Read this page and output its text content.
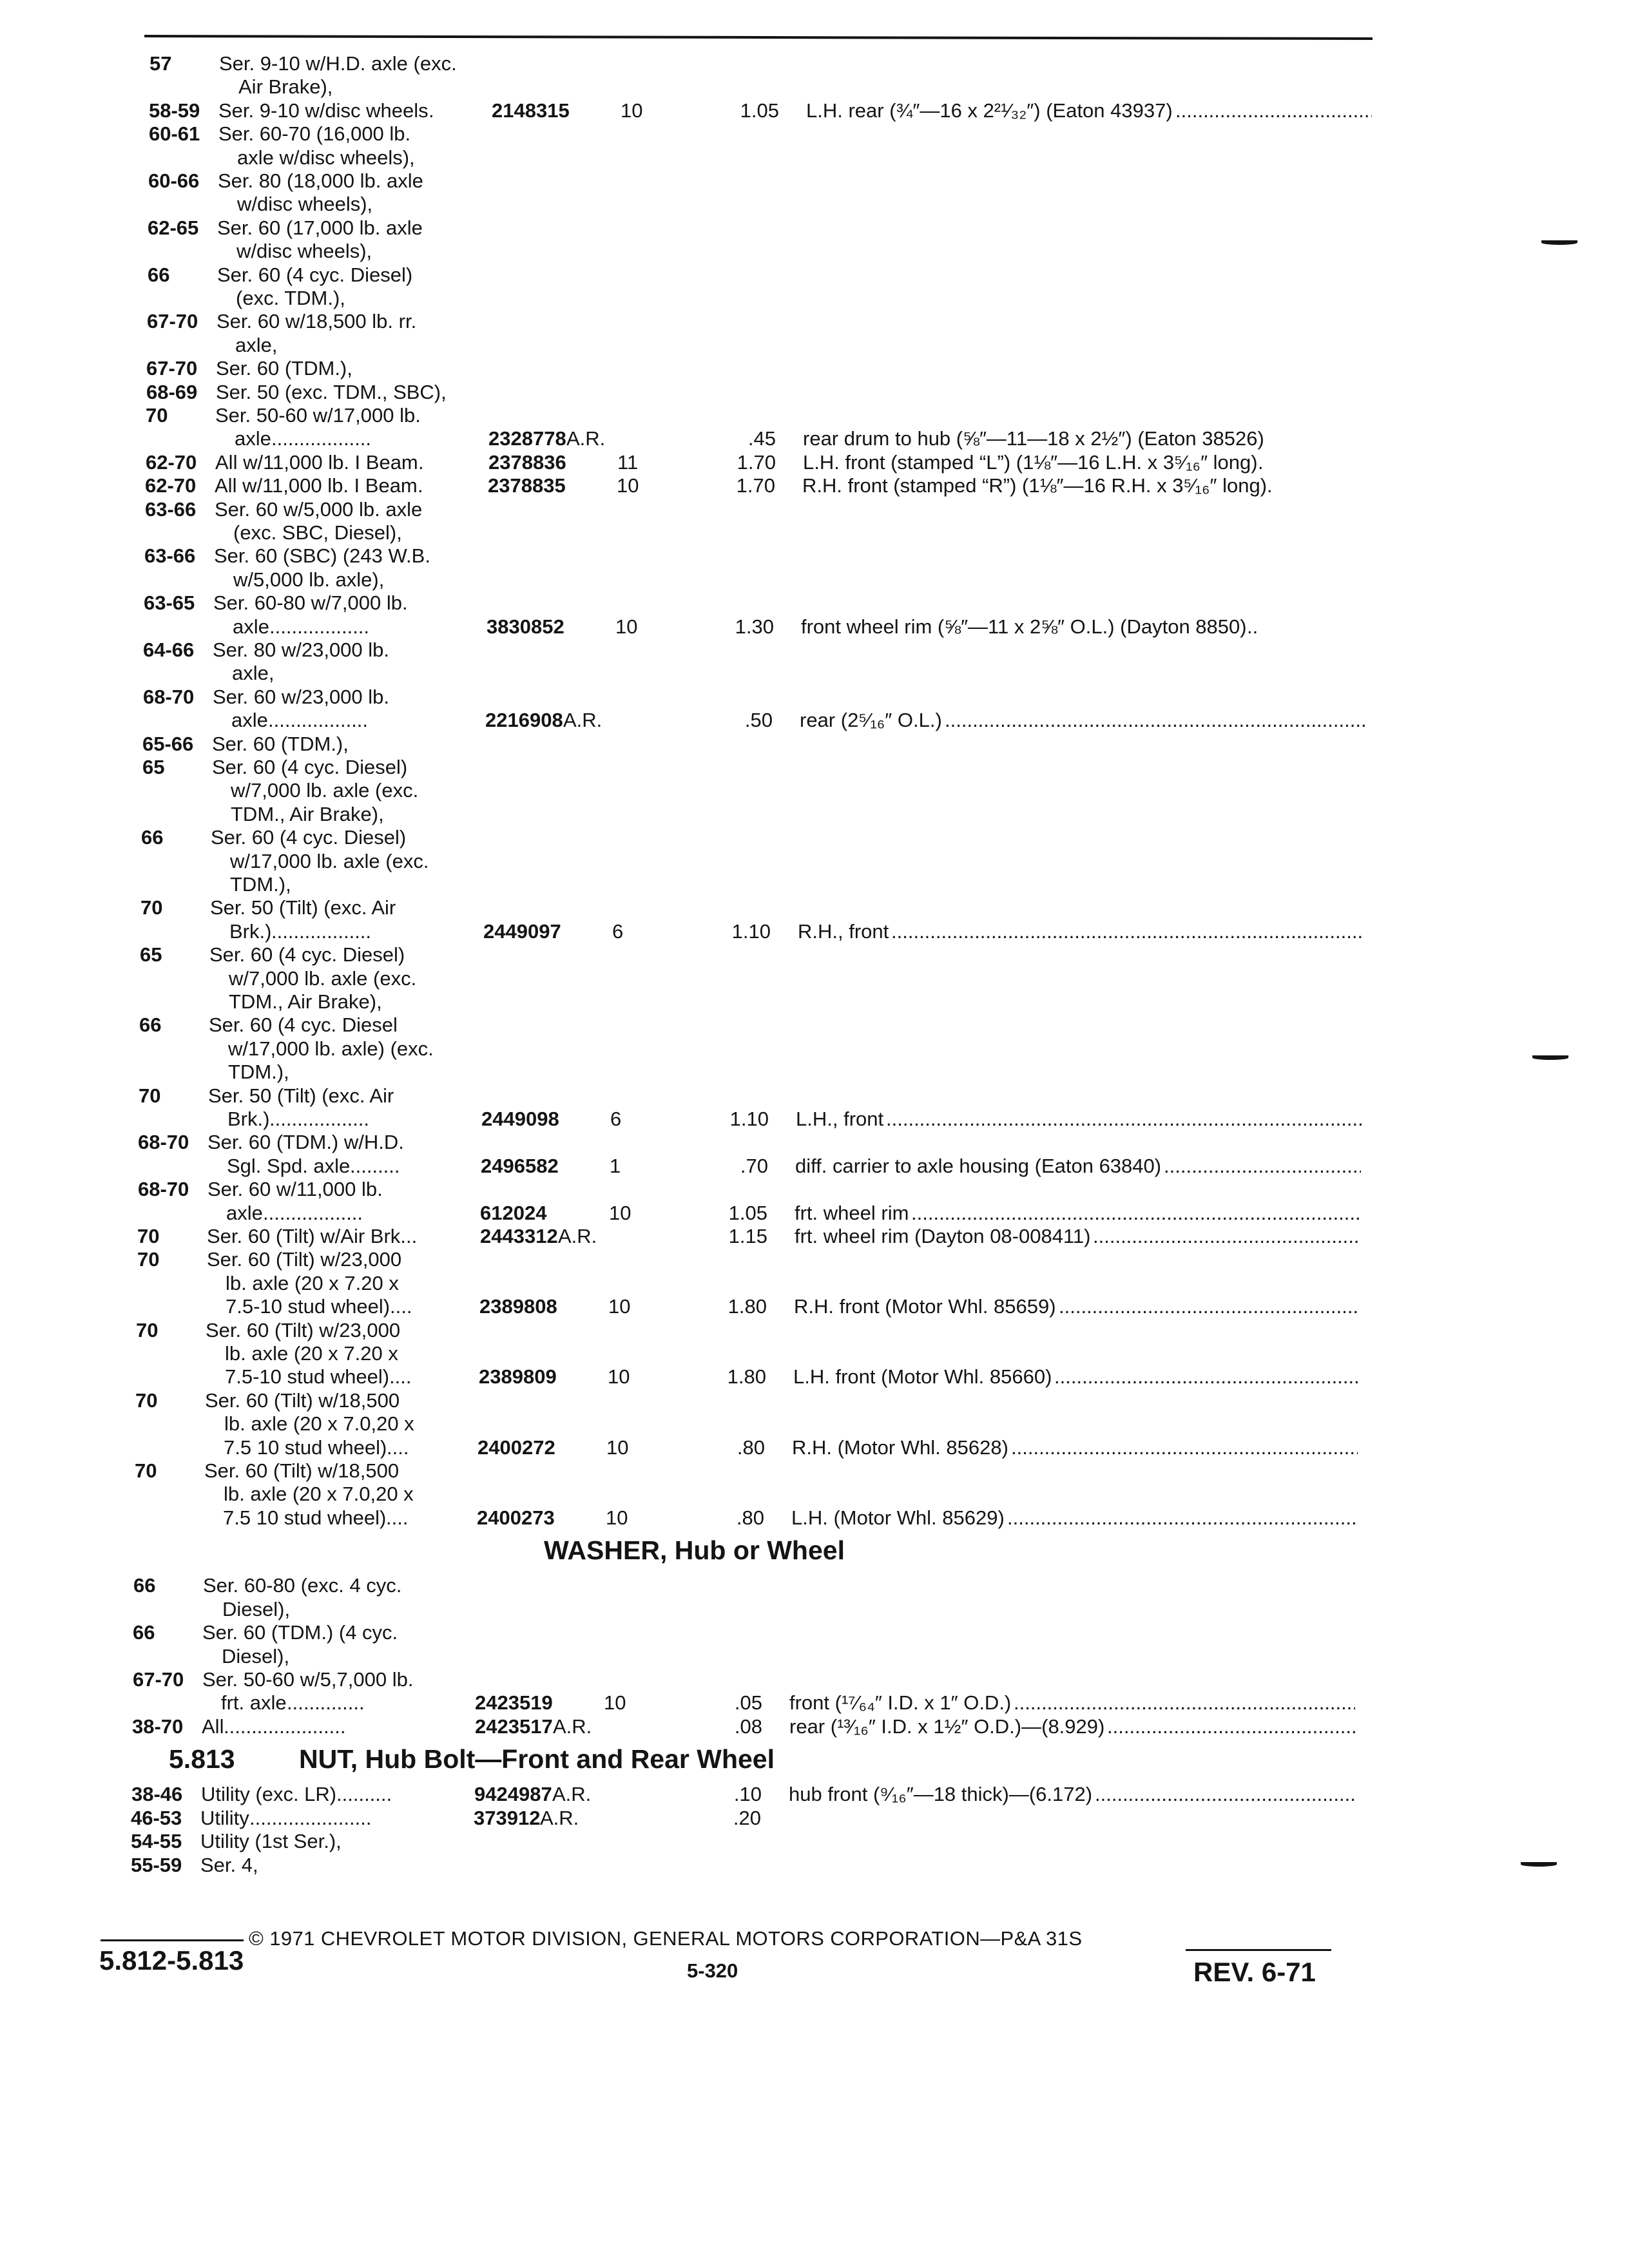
57 Ser. 9-10 w/H.D. axle (exc.
Air Brake),
58-59 Ser. 9-10 w/disc wheels .	2148315	10	1.05 L.H. rear (¾″—16 x 2²¹⁄₃₂″) (Eaton 43937)
.....
60-61 Ser. 60-70 (16,000 lb.
axle w/disc wheels),
60-66 Ser. 80 (18,000 lb. axle
w/disc wheels),
62-65 Ser. 60 (17,000 lb. axle
w/disc wheels),
66 Ser. 60 (4 cyc. Diesel)
(exc. TDM.),
67-70 Ser. 60 w/18,500 lb. rr.
axle,
67-70 Ser. 60 (TDM.),
68-69 Ser. 50 (exc. TDM., SBC),
70 Ser. 50-60 w/17,000 lb.
axle ..................	2328778 A.R.	.45 rear drum to hub (⅝″—11—18 x 2½″) (Eaton 38526)
62-70 All w/11,000 lb. I Beam .	2378836	11	1.70 L.H. front (stamped “L”) (1⅛″—16 L.H. x 3⁵⁄₁₆″ long) .
62-70 All w/11,000 lb. I Beam .	2378835	10	1.70 R.H. front (stamped “R”) (1⅛″—16 R.H. x 3⁵⁄₁₆″ long) .
63-66 Ser. 60 w/5,000 lb. axle
(exc. SBC, Diesel),
63-66 Ser. 60 (SBC) (243 W.B.
w/5,000 lb. axle),
63-65 Ser. 60-80 w/7,000 lb.
axle ..................	3830852	10	1.30 front wheel rim (⅝″—11 x 2⅝″ O.L.) (Dayton 8850) ..
64-66 Ser. 80 w/23,000 lb.
axle,
68-70 Ser. 60 w/23,000 lb.
axle ..................	2216908 A.R.	.50 rear (2⁵⁄₁₆″ O.L.)
.....
65-66 Ser. 60 (TDM.),
65 Ser. 60 (4 cyc. Diesel)
w/7,000 lb. axle (exc.
TDM., Air Brake),
66 Ser. 60 (4 cyc. Diesel)
w/17,000 lb. axle (exc.
TDM.),
70 Ser. 50 (Tilt) (exc. Air
Brk.) ..................	2449097	6	1.10 R.H., front
.....
65 Ser. 60 (4 cyc. Diesel)
w/7,000 lb. axle (exc.
TDM., Air Brake),
66 Ser. 60 (4 cyc. Diesel
w/17,000 lb. axle) (exc.
TDM.),
70 Ser. 50 (Tilt) (exc. Air
Brk.) ..................	2449098	6	1.10 L.H., front
.....
68-70 Ser. 60 (TDM.) w/H.D.
Sgl. Spd. axle .........	2496582	1	.70 diff. carrier to axle housing (Eaton 63840)
.....
68-70 Ser. 60 w/11,000 lb.
axle ..................	612024	10	1.05 frt. wheel rim
.....
70 Ser. 60 (Tilt) w/Air Brk. ..	2443312 A.R.	1.15 frt. wheel rim (Dayton 08-008411)
.....
70 Ser. 60 (Tilt) w/23,000
lb. axle (20 x 7.20 x
7.5-10 stud wheel) ....	2389808	10	1.80 R.H. front (Motor Whl. 85659)
.....
70 Ser. 60 (Tilt) w/23,000
lb. axle (20 x 7.20 x
7.5-10 stud wheel) ....	2389809	10	1.80 L.H. front (Motor Whl. 85660)
.....
70 Ser. 60 (Tilt) w/18,500
lb. axle (20 x 7.0,20 x
7.5 10 stud wheel) ....	2400272	10	.80 R.H. (Motor Whl. 85628)
.....
70 Ser. 60 (Tilt) w/18,500
lb. axle (20 x 7.0,20 x
7.5 10 stud wheel) ....	2400273	10	.80 L.H. (Motor Whl. 85629)
.....
WASHER, Hub or Wheel
66 Ser. 60-80 (exc. 4 cyc.
Diesel),
66 Ser. 60 (TDM.) (4 cyc.
Diesel),
67-70 Ser. 50-60 w/5,7,000 lb.
frt. axle ..............	2423519	10	.05 front (¹⁷⁄₆₄″ I.D. x 1″ O.D.)
.....
38-70 All ......................	2423517 A.R.	.08 rear (¹³⁄₁₆″ I.D. x 1½″ O.D.)—(8.929)
.....
5.813 NUT, Hub Bolt—Front and Rear Wheel
38-46 Utility (exc. LR) ..........	9424987 A.R.	.10 hub front (⁹⁄₁₆″—18 thick)—(6.172)
.....
46-53 Utility ......................	373912 A.R.	.20
54-55 Utility (1st Ser.),
55-59 Ser. 4,
© 1971 CHEVROLET MOTOR DIVISION, GENERAL MOTORS CORPORATION—P&A 31S
5.812-5.813	5-320	REV. 6-71
